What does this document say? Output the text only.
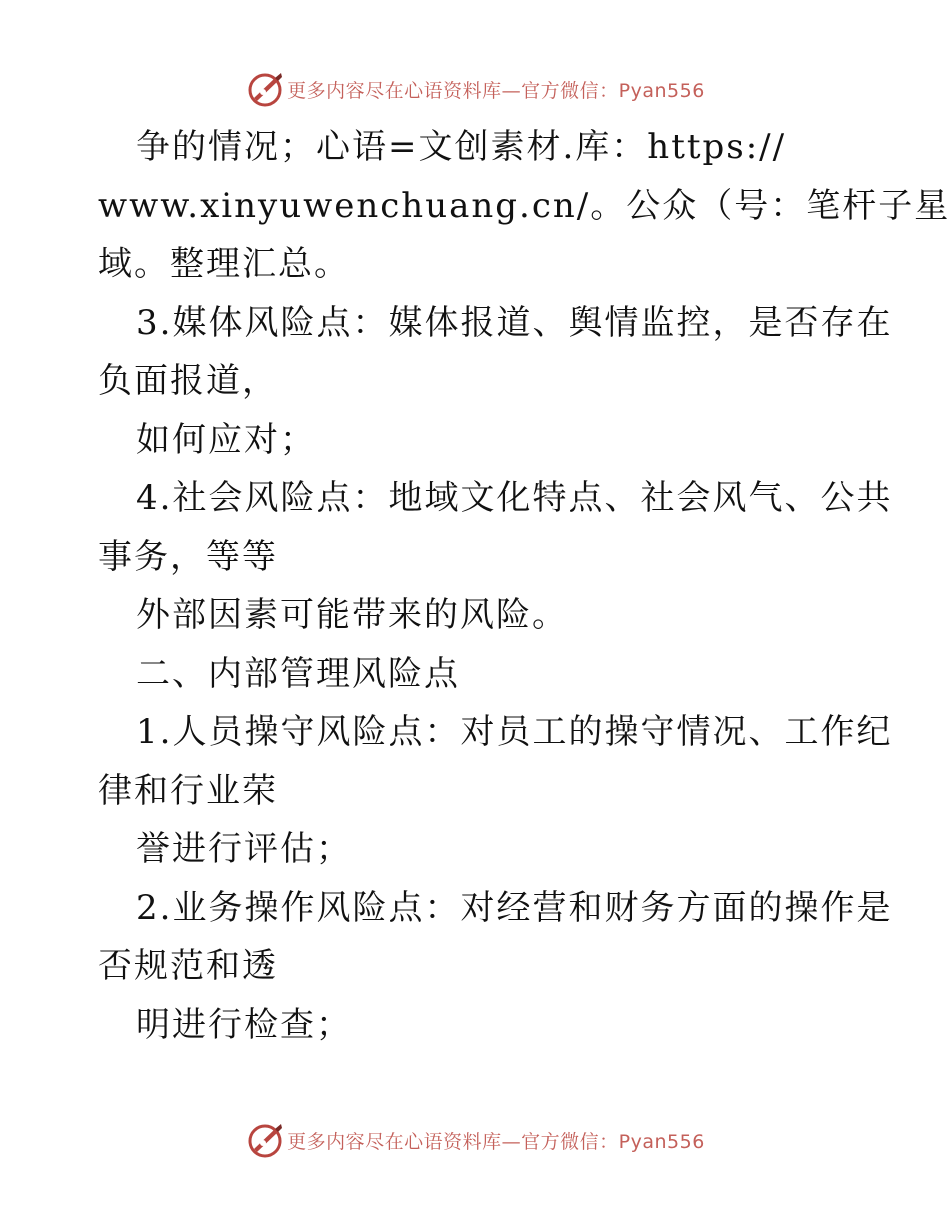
更多内容尽在心语资料库—官方微信：Pyan556
争的情况；心语=文创素材.库：https://
www.xinyuwenchuang.cn/。公众（号：笔杆子星
域。整理汇总。
3.媒体风险点：媒体报道、舆情监控，是否存在
负面报道，
如何应对；
4.社会风险点：地域文化特点、社会风气、公共
事务，等等
外部因素可能带来的风险。
二、内部管理风险点
1.人员操守风险点：对员工的操守情况、工作纪
律和行业荣
誉进行评估；
2.业务操作风险点：对经营和财务方面的操作是
否规范和透
明进行检查；
更多内容尽在心语资料库—官方微信：Pyan556
